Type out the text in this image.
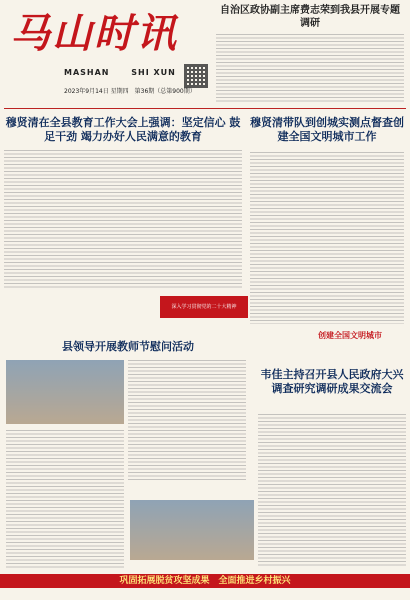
马山时讯
MASHAN	SHI XUN
2023年9月14日 星期四　第36期（总第900期）
自治区政协副主席费志荣到我县开展专题调研
穆贤清在全县教育工作大会上强调：坚定信心 鼓足干劲 竭力办好人民满意的教育
深入学习贯彻党的二十大精神
穆贤清带队到创城实测点督查创建全国文明城市工作
创建全国文明城市
县领导开展教师节慰问活动
韦佳主持召开县人民政府大兴调查研究调研成果交流会
巩固拓展脱贫攻坚成果　全面推进乡村振兴
